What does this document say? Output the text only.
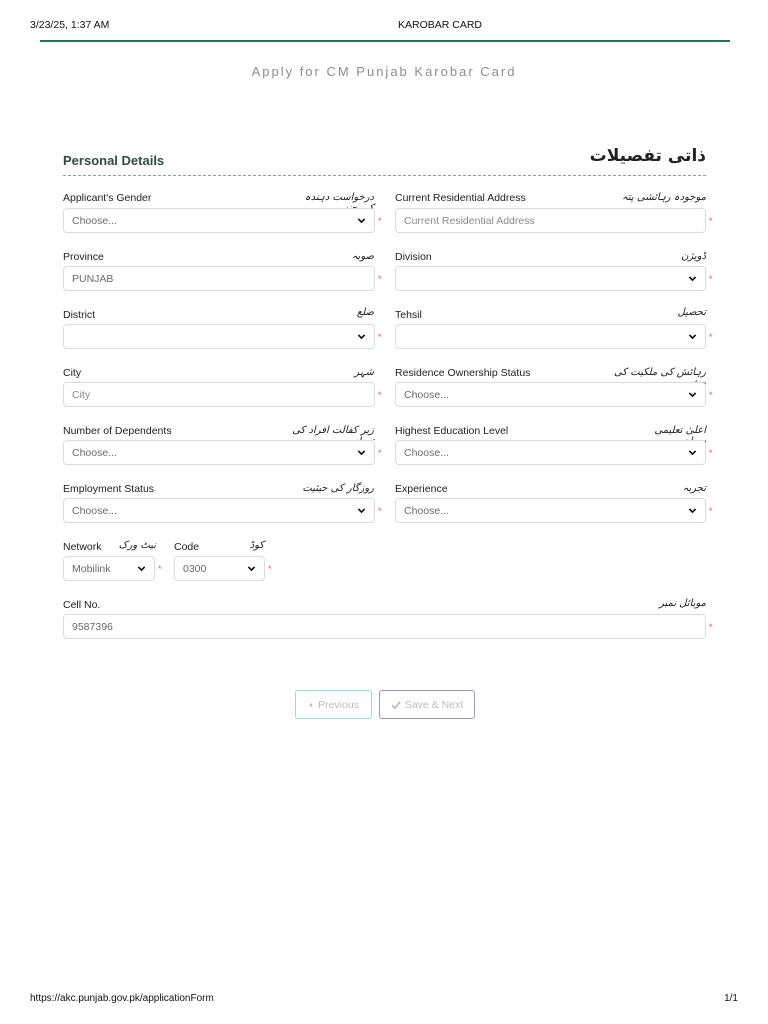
3/23/25, 1:37 AM	KAROBAR CARD
https://akc.punjab.gov.pk/applicationForm	1/1
Apply for CM Punjab Karobar Card
Personal Details	ذاتی تفصیلات
Applicant's Gender	درخواست دہندہ
Choose...	*
Current Residential Address	موجودہ رہائشی پتہ
Current Residential Address	*
Province	صوبہ
PUNJAB	*
Division	ڈویژن
*
District	ضلع
*
Tehsil	تحصیل
*
City	شہر
City	*
Residence Ownership Status	رہائش کی ملکیت کی
Choose...	*
Number of Dependents	زیر کفالت افراد کی
Choose...	*
Highest Education Level	اعلیٰ تعلیمی
Choose...	*
Employment Status	روزگار کی حیثیت
Choose...	*
Experience	تجربہ
Choose...	*
Network	نیٹ ورک
Mobilink	*
Code	کوڈ
0300	*
Cell No.	موبائل نمبر
9587396	*
Previous	Save & Next
